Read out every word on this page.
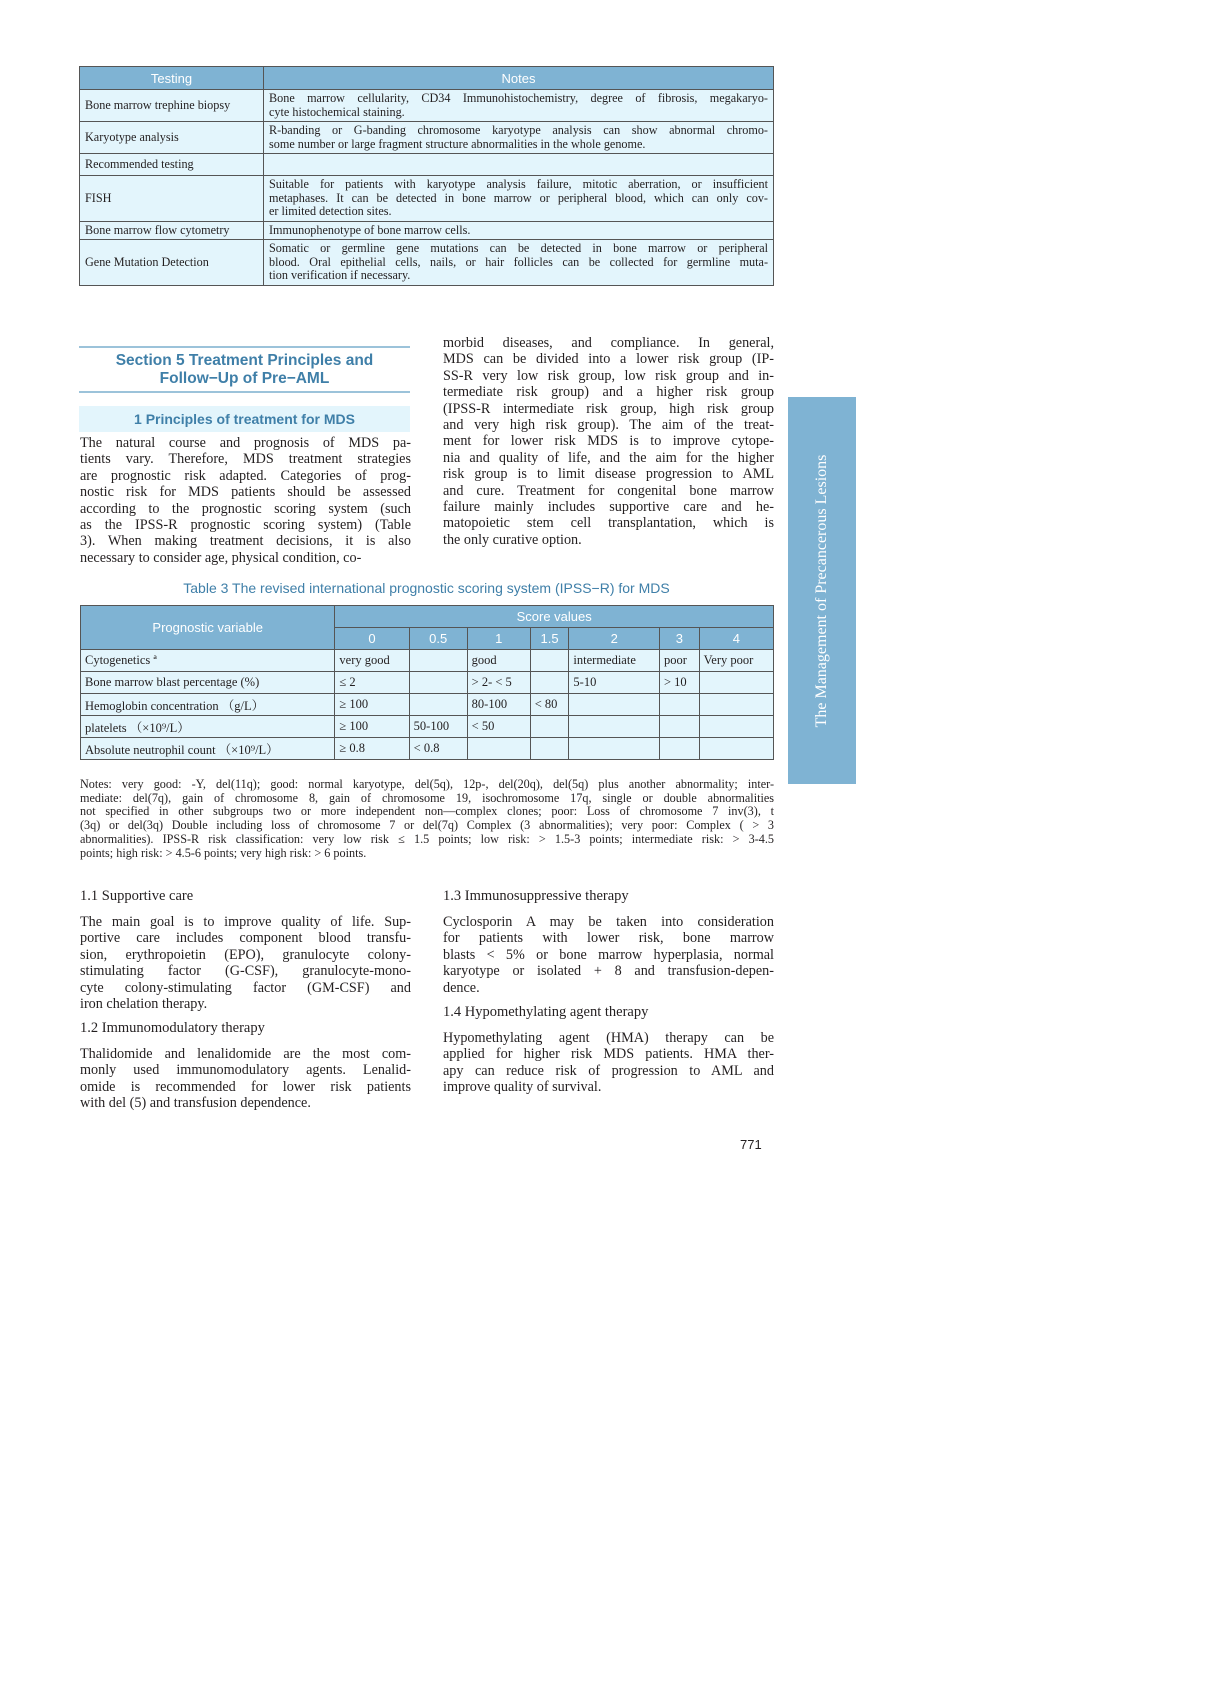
Testing	Notes
Bone marrow trephine biopsy	Bone marrow cellularity, CD34 Immunohistochemistry, degree of fibrosis, megakaryo-
cyte histochemical staining.

Karyotype analysis	R-banding or G-banding chromosome karyotype analysis can show abnormal chromo-
some number or large fragment structure abnormalities in the whole genome.

Recommended testing	
FISH	Suitable for patients with karyotype analysis failure, mitotic aberration, or insufficient
metaphases. It can be detected in bone marrow or peripheral blood, which can only cov-
er limited detection sites.

Bone marrow flow cytometry	Immunophenotype of bone marrow cells.

Gene Mutation Detection	Somatic or germline gene mutations can be detected in bone marrow or peripheral
blood. Oral epithelial cells, nails, or hair follicles can be collected for germline muta-
tion verification if necessary.
Section 5 Treatment Principles and
Follow−Up of Pre−AML
1 Principles of treatment for MDS
The natural course and prognosis of MDS pa-
tients vary. Therefore, MDS treatment strategies
are prognostic risk adapted. Categories of prog-
nostic risk for MDS patients should be assessed
according to the prognostic scoring system (such
as the IPSS-R prognostic scoring system) (Table
3). When making treatment decisions, it is also
necessary to consider age, physical condition, co-
morbid diseases, and compliance. In general,
MDS can be divided into a lower risk group (IP-
SS-R very low risk group, low risk group and in-
termediate risk group) and a higher risk group
(IPSS-R intermediate risk group, high risk group
and very high risk group). The aim of the treat-
ment for lower risk MDS is to improve cytope-
nia and quality of life, and the aim for the higher
risk group is to limit disease progression to AML
and cure. Treatment for congenital bone marrow
failure mainly includes supportive care and he-
matopoietic stem cell transplantation, which is
the only curative option.
Table 3 The revised international prognostic scoring system (IPSS−R) for MDS
Prognostic variable	Score values						
	0	0.5	1	1.5	2	3	4
Cytogenetics ª	very good		good		intermediate	poor	Very poor
Bone marrow blast percentage (%)	≤ 2		> 2- < 5		5-10	> 10	
Hemoglobin concentration （g/L）	≥ 100		80-100	< 80			
platelets （×10⁹/L）	≥ 100	50-100	< 50				
Absolute neutrophil count （×10⁹/L）	≥ 0.8	< 0.8					
Notes: very good: -Y, del(11q); good: normal karyotype, del(5q), 12p-, del(20q), del(5q) plus another abnormality; inter-
mediate: del(7q), gain of chromosome 8, gain of chromosome 19, isochromosome 17q, single or double abnormalities
not specified in other subgroups two or more independent non—complex clones; poor: Loss of chromosome 7 inv(3), t
(3q) or del(3q) Double including loss of chromosome 7 or del(7q) Complex (3 abnormalities); very poor: Complex ( > 3
abnormalities). IPSS-R risk classification: very low risk ≤ 1.5 points; low risk: > 1.5-3 points; intermediate risk: > 3-4.5
points; high risk: > 4.5-6 points; very high risk: > 6 points.
1.1 Supportive care
The main goal is to improve quality of life. Sup-
portive care includes component blood transfu-
sion, erythropoietin (EPO), granulocyte colony-
stimulating factor (G-CSF), granulocyte-mono-
cyte colony-stimulating factor (GM-CSF) and
iron chelation therapy.
1.2 Immunomodulatory therapy
Thalidomide and lenalidomide are the most com-
monly used immunomodulatory agents. Lenalid-
omide is recommended for lower risk patients
with del (5) and transfusion dependence.
1.3 Immunosuppressive therapy
Cyclosporin A may be taken into consideration
for patients with lower risk, bone marrow
blasts < 5% or bone marrow hyperplasia, normal
karyotype or isolated + 8 and transfusion-depen-
dence.
1.4 Hypomethylating agent therapy
Hypomethylating agent (HMA) therapy can be
applied for higher risk MDS patients. HMA ther-
apy can reduce risk of progression to AML and
improve quality of survival.
771
The Management of Precancerous Lesions
